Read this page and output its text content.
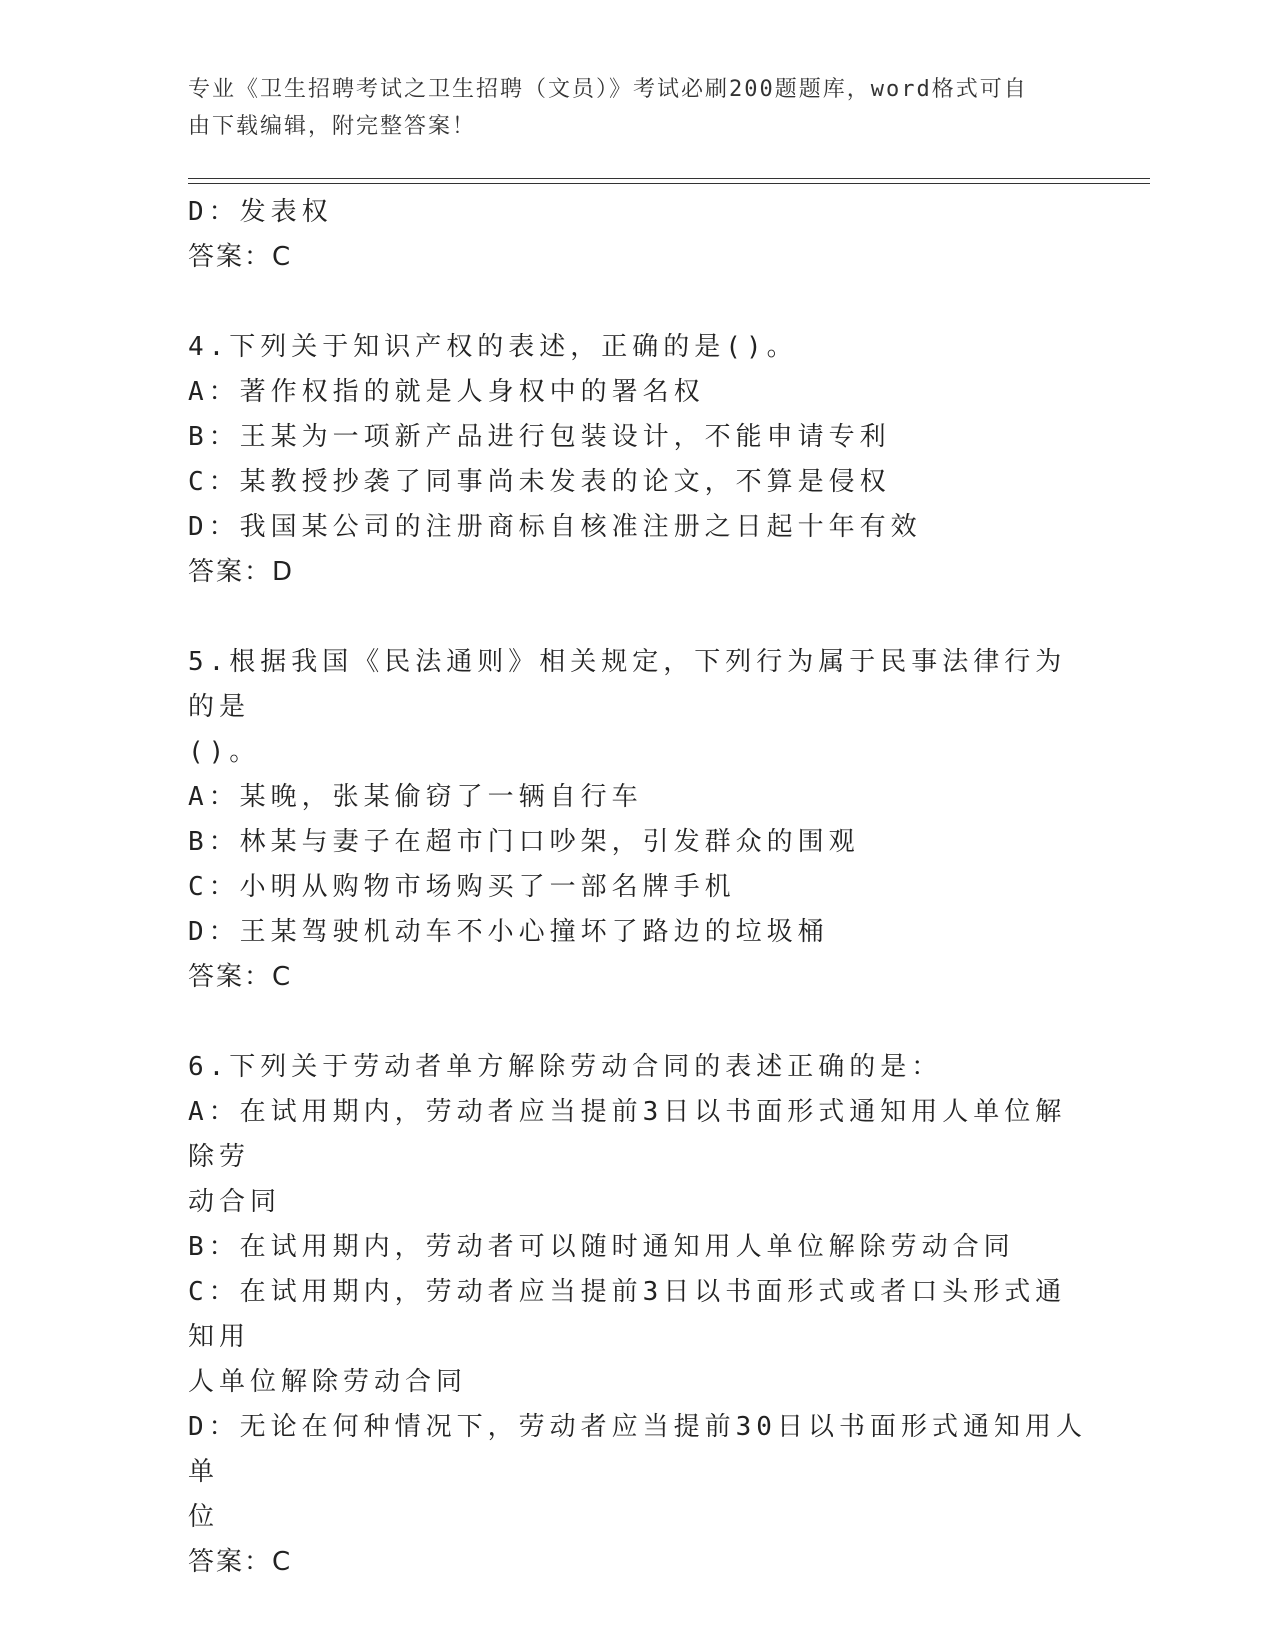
专业《卫生招聘考试之卫生招聘（文员）》考试必刷200题题库，word格式可自
由下载编辑，附完整答案！
D：发表权
答案：C
4.下列关于知识产权的表述，正确的是()。
A：著作权指的就是人身权中的署名权
B：王某为一项新产品进行包装设计，不能申请专利
C：某教授抄袭了同事尚未发表的论文，不算是侵权
D：我国某公司的注册商标自核准注册之日起十年有效
答案：D
5.根据我国《民法通则》相关规定，下列行为属于民事法律行为的是
()。
A：某晚，张某偷窃了一辆自行车
B：林某与妻子在超市门口吵架，引发群众的围观
C：小明从购物市场购买了一部名牌手机
D：王某驾驶机动车不小心撞坏了路边的垃圾桶
答案：C
6.下列关于劳动者单方解除劳动合同的表述正确的是：
A：在试用期内，劳动者应当提前3日以书面形式通知用人单位解除劳
动合同
B：在试用期内，劳动者可以随时通知用人单位解除劳动合同
C：在试用期内，劳动者应当提前3日以书面形式或者口头形式通知用
人单位解除劳动合同
D：无论在何种情况下，劳动者应当提前30日以书面形式通知用人单
位
答案：C
